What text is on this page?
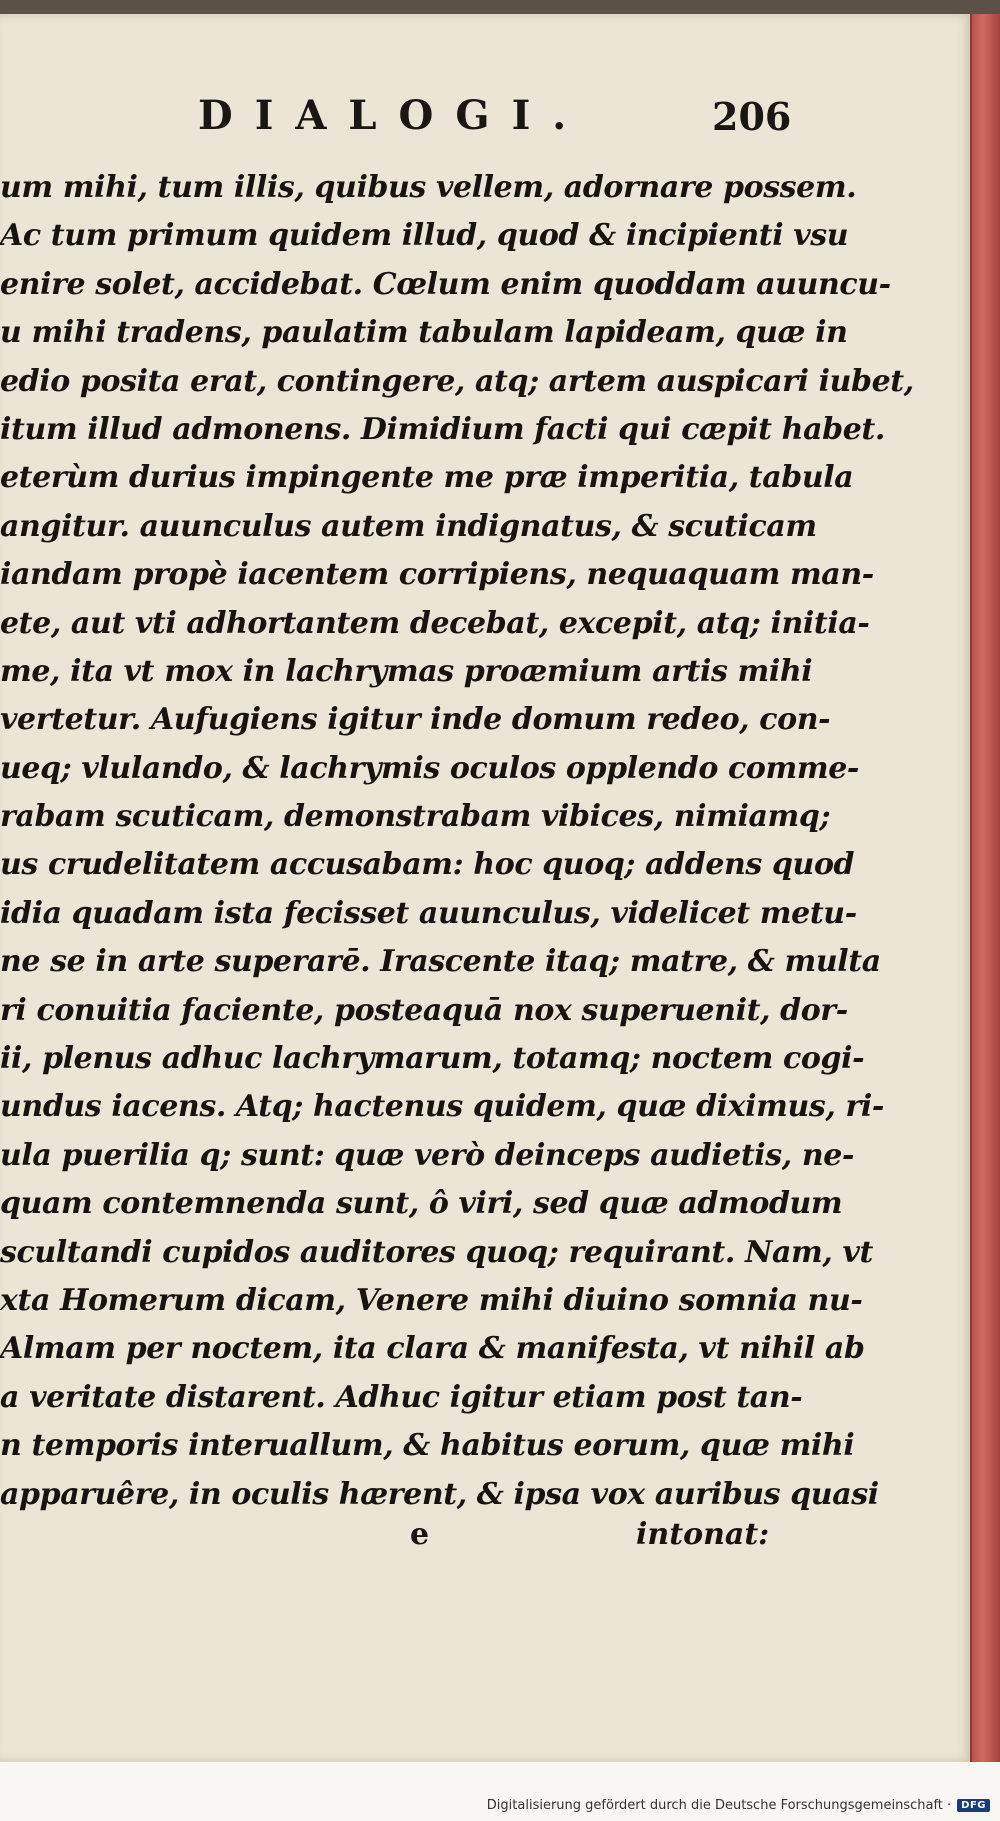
DIALOGI.	206
um mihi, tum illis, quibus vellem, adornare possem.
Ac tum primum quidem illud, quod & incipienti vsu
enire solet, accidebat. Cœlum enim quoddam auuncu-
u mihi tradens, paulatim tabulam lapideam, quæ in
edio posita erat, contingere, atq; artem auspicari iubet,
itum illud admonens. Dimidium facti qui cæpit habet.
eterùm durius impingente me præ imperitia, tabula
angitur. auunculus autem indignatus, & scuticam
iandam propè iacentem corripiens, nequaquam man-
ete, aut vti adhortantem decebat, excepit, atq; initia-
me, ita vt mox in lachrymas proæmium artis mihi
vertetur. Aufugiens igitur inde domum redeo, con-
ueq; vlulando, & lachrymis oculos opplendo comme-
rabam scuticam, demonstrabam vibices, nimiamq;
us crudelitatem accusabam: hoc quoq; addens quod
idia quadam ista fecisset auunculus, videlicet metu-
ne se in arte superarē. Irascente itaq; matre, & multa
ri conuitia faciente, posteaquā nox superuenit, dor-
ii, plenus adhuc lachrymarum, totamq; noctem cogi-
undus iacens. Atq; hactenus quidem, quæ diximus, ri-
ula puerilia q; sunt: quæ verò deinceps audietis, ne-
quam contemnenda sunt, ô viri, sed quæ admodum
scultandi cupidos auditores quoq; requirant. Nam, vt
xta Homerum dicam, Venere mihi diuino somnia nu-
Almam per noctem, ita clara & manifesta, vt nihil ab
a veritate distarent. Adhuc igitur etiam post tan-
n temporis interuallum, & habitus eorum, quæ mihi
apparuêre, in oculis hærent, & ipsa vox auribus quasi
e	intonat:
Digitalisierung gefördert durch die Deutsche Forschungsgemeinschaft ·	DFG
